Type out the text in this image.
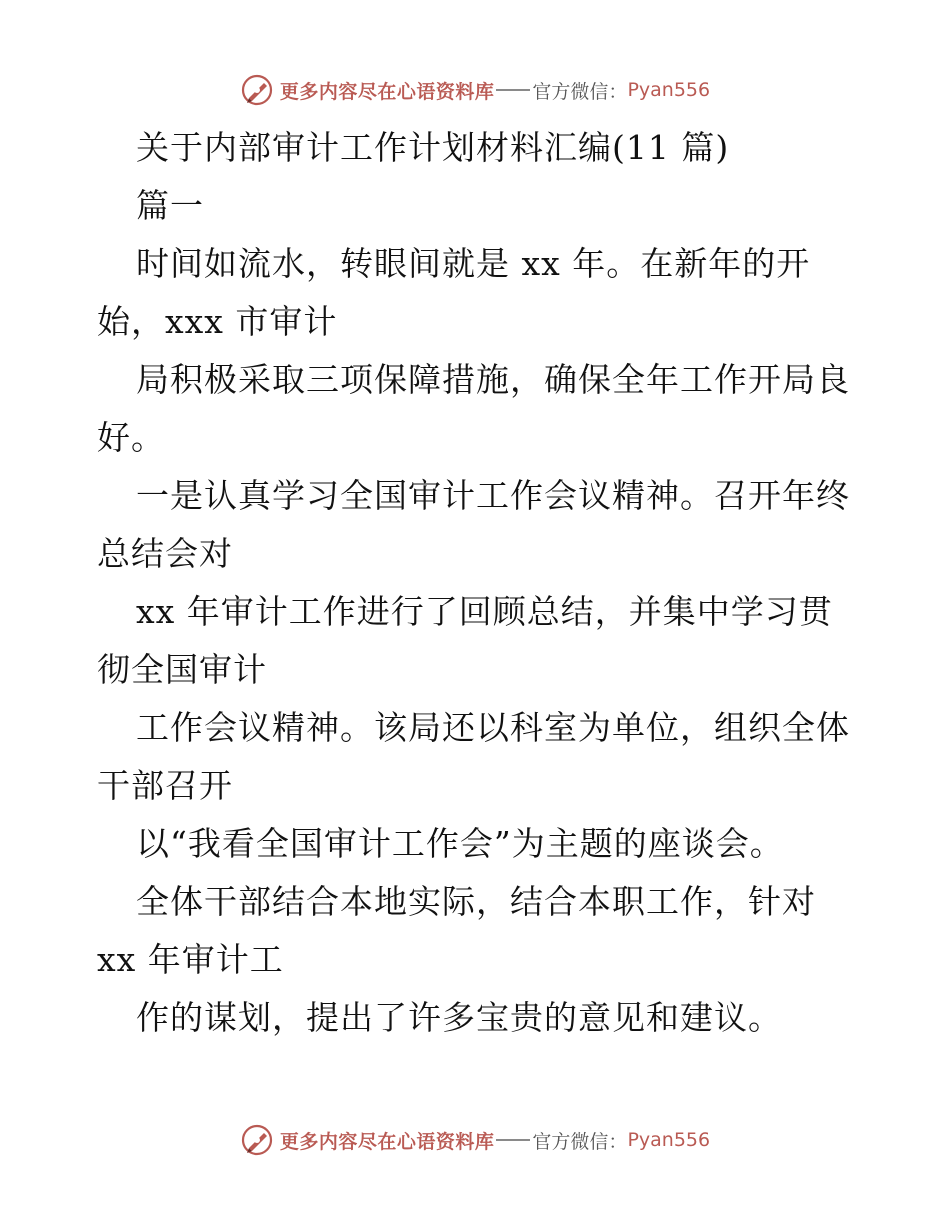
更多内容尽在心语资料库 官方微信： Pyan556
关于内部审计工作计划材料汇编(11 篇)
篇一
时间如流水，转眼间就是 xx 年。在新年的开
始，xxx 市审计
局积极采取三项保障措施，确保全年工作开局良
好。
一是认真学习全国审计工作会议精神。召开年终
总结会对
xx 年审计工作进行了回顾总结，并集中学习贯
彻全国审计
工作会议精神。该局还以科室为单位，组织全体
干部召开
以“我看全国审计工作会”为主题的座谈会。
全体干部结合本地实际，结合本职工作，针对
xx 年审计工
作的谋划，提出了许多宝贵的意见和建议。
更多内容尽在心语资料库 官方微信： Pyan556
